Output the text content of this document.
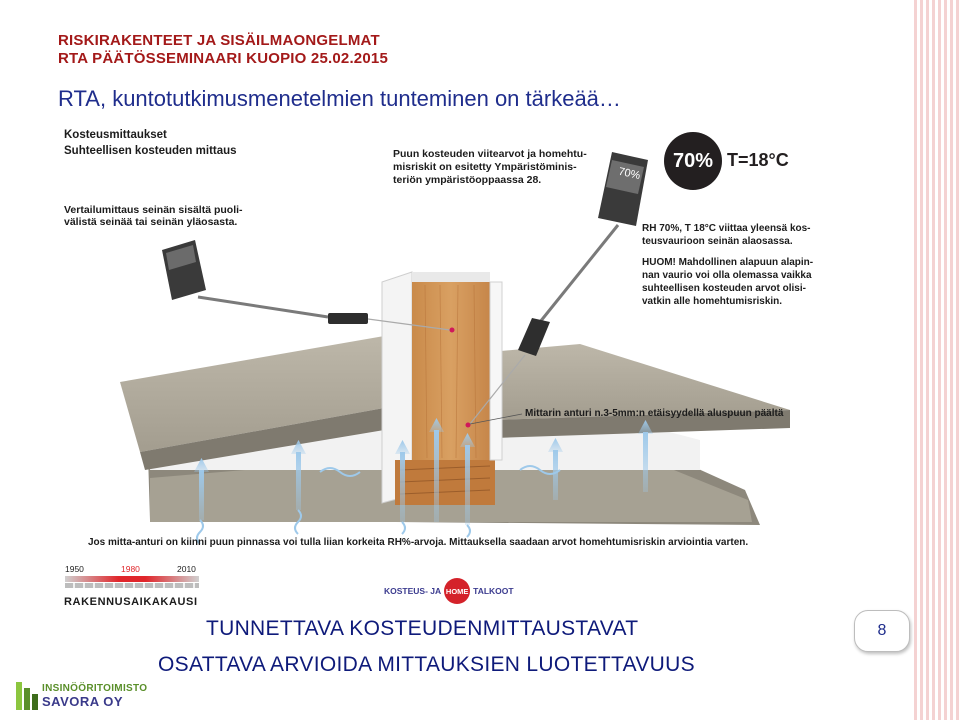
RISKIRAKENTEET JA SISÄILMAONGELMAT
RTA PÄÄTÖSSEMINAARI KUOPIO 25.02.2015
RTA, kuntotutkimusmenetelmien tunteminen on tärkeää…
70%
Kosteusmittaukset
Suhteellisen kosteuden mittaus
Vertailumittaus seinän sisältä puoli-
välistä seinää tai seinän yläosasta.
Puun kosteuden viitearvot ja homehtu-
misriskit on esitetty Ympäristöminis-
teriön ympäristöoppaassa 28.
70% T=18°C
RH 70%, T 18°C viittaa yleensä kos-
teusvaurioon seinän alaosassa.
HUOM! Mahdollinen alapuun alapin-
nan vaurio voi olla olemassa vaikka
suhteellisen kosteuden arvot olisi-
vatkin alle homehtumisriskin.
Mittarin anturi n.3-5mm:n etäisyydellä aluspuun päältä
Jos mitta-anturi on kiinni puun pinnassa voi tulla liian korkeita RH%-arvoja. Mittauksella saadaan arvot homehtumisriskin arviointia varten.
1950	1980	2010
RAKENNUSAIKAKAUSI
KOSTEUS- JA HOME TALKOOT
TUNNETTAVA KOSTEUDENMITTAUSTAVAT
OSATTAVA ARVIOIDA MITTAUKSIEN LUOTETTAVUUS
8
INSINÖÖRITOIMISTO
SAVORA OY
